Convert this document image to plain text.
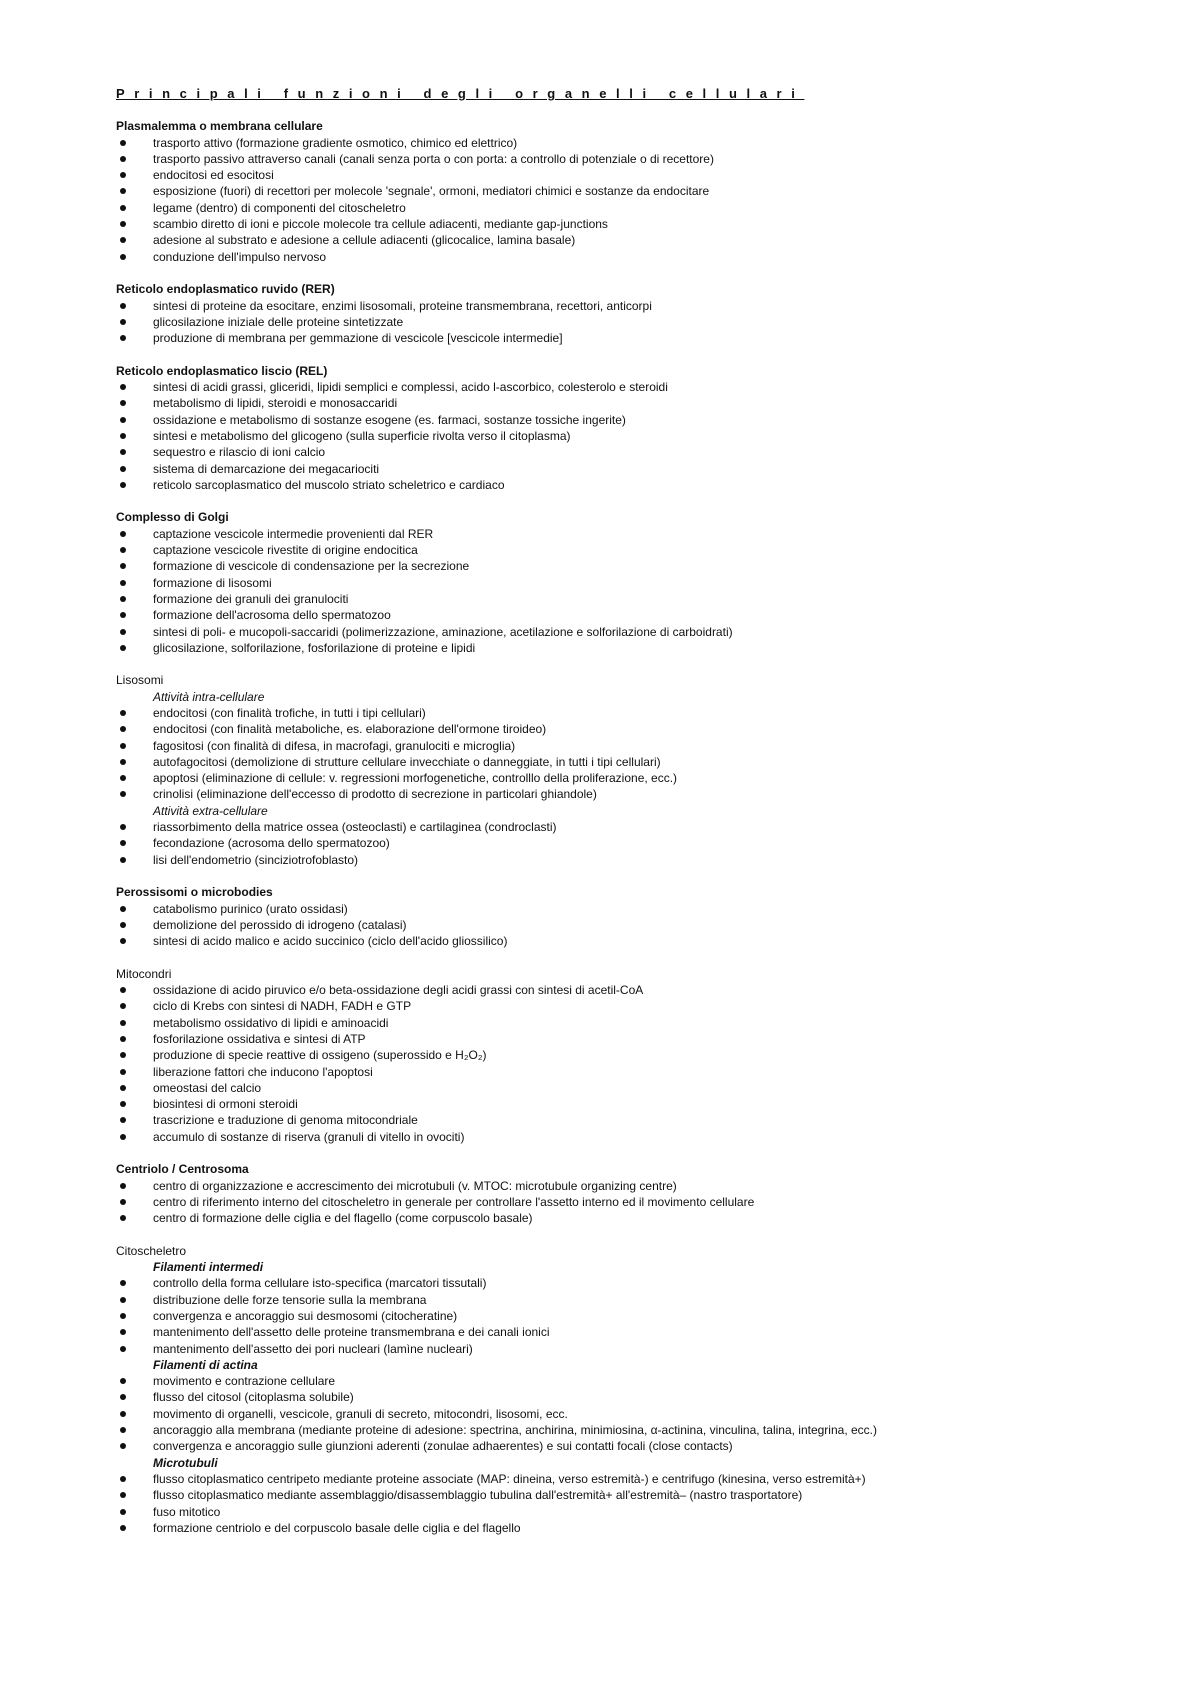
Principali funzioni degli organelli cellulari
Plasmalemma o membrana cellulare
trasporto attivo (formazione gradiente osmotico, chimico ed elettrico)
trasporto passivo attraverso canali (canali senza porta o con porta: a controllo di potenziale o di recettore)
endocitosi ed esocitosi
esposizione (fuori) di recettori per molecole 'segnale', ormoni, mediatori chimici e sostanze da endocitare
legame (dentro) di componenti del citoscheletro
scambio diretto di ioni e piccole molecole tra cellule adiacenti, mediante gap-junctions
adesione al substrato e adesione a cellule adiacenti (glicocalice, lamina basale)
conduzione dell'impulso nervoso
Reticolo endoplasmatico ruvido (RER)
sintesi di proteine da esocitare, enzimi lisosomali, proteine transmembrana, recettori, anticorpi
glicosilazione iniziale delle proteine sintetizzate
produzione di membrana per gemmazione di vescicole [vescicole intermedie]
Reticolo endoplasmatico liscio (REL)
sintesi di acidi grassi, gliceridi, lipidi semplici e complessi, acido l-ascorbico, colesterolo e steroidi
metabolismo di lipidi, steroidi e monosaccaridi
ossidazione e metabolismo di sostanze esogene (es. farmaci, sostanze tossiche ingerite)
sintesi e metabolismo del glicogeno (sulla superficie rivolta verso il citoplasma)
sequestro e rilascio di ioni calcio
sistema di demarcazione dei megacariociti
reticolo sarcoplasmatico del muscolo striato scheletrico e cardiaco
Complesso di Golgi
captazione vescicole intermedie provenienti dal RER
captazione vescicole rivestite di origine endocitica
formazione di vescicole di condensazione per la secrezione
formazione di lisosomi
formazione dei granuli dei granulociti
formazione dell'acrosoma dello spermatozoo
sintesi di poli- e mucopoli-saccaridi (polimerizzazione, aminazione, acetilazione e solforilazione di carboidrati)
glicosilazione, solforilazione, fosforilazione di proteine e lipidi
Lisosomi
Attività intra-cellulare
endocitosi (con finalità trofiche, in tutti i tipi cellulari)
endocitosi (con finalità metaboliche, es. elaborazione dell'ormone tiroideo)
fagositosi (con finalità di difesa, in macrofagi, granulociti e microglia)
autofagocitosi (demolizione di strutture cellulare invecchiate o danneggiate, in tutti i tipi cellulari)
apoptosi (eliminazione di cellule: v. regressioni morfogenetiche, controlllo della proliferazione, ecc.)
crinolisi (eliminazione dell'eccesso di prodotto di secrezione in particolari ghiandole)
Attività extra-cellulare
riassorbimento della matrice ossea (osteoclasti) e cartilaginea (condroclasti)
fecondazione (acrosoma dello spermatozoo)
lisi dell'endometrio (sinciziotrofoblasto)
Perossisomi o microbodies
catabolismo purinico (urato ossidasi)
demolizione del perossido di idrogeno (catalasi)
sintesi di acido malico e acido succinico (ciclo dell'acido gliossilico)
Mitocondri
ossidazione di acido piruvico e/o beta-ossidazione degli acidi grassi con sintesi di acetil-CoA
ciclo di Krebs con sintesi di NADH, FADH e GTP
metabolismo ossidativo di lipidi e aminoacidi
fosforilazione ossidativa e sintesi di ATP
produzione di specie reattive di ossigeno (superossido e H₂O₂)
liberazione fattori che inducono l'apoptosi
omeostasi del calcio
biosintesi di ormoni steroidi
trascrizione e traduzione di genoma mitocondriale
accumulo di sostanze di riserva (granuli di vitello in ovociti)
Centriolo / Centrosoma
centro di organizzazione e accrescimento dei microtubuli (v. MTOC: microtubule organizing centre)
centro di riferimento interno del citoscheletro in generale per controllare l'assetto interno ed il movimento cellulare
centro di formazione delle ciglia e del flagello (come corpuscolo basale)
Citoscheletro
Filamenti intermedi
controllo della forma cellulare isto-specifica (marcatori tissutali)
distribuzione delle forze tensorie sulla la membrana
convergenza e ancoraggio sui desmosomi (citocheratine)
mantenimento dell'assetto delle proteine transmembrana e dei canali ionici
mantenimento dell'assetto dei pori nucleari (lamìne nucleari)
Filamenti di actina
movimento e contrazione cellulare
flusso del citosol (citoplasma solubile)
movimento di organelli, vescicole, granuli di secreto, mitocondri, lisosomi, ecc.
ancoraggio alla membrana (mediante proteine di adesione: spectrina, anchirina, minimiosina, α-actinina, vinculina, talina, integrina, ecc.)
convergenza e ancoraggio sulle giunzioni aderenti (zonulae adhaerentes) e sui contatti focali (close contacts)
Microtubuli
flusso citoplasmatico centripeto mediante proteine associate (MAP: dineina, verso estremità-) e centrifugo (kinesina, verso estremità+)
flusso citoplasmatico mediante assemblaggio/disassemblaggio tubulina dall'estremità+ all'estremità– (nastro trasportatore)
fuso mitotico
formazione centriolo e del corpuscolo basale delle ciglia e del flagello
